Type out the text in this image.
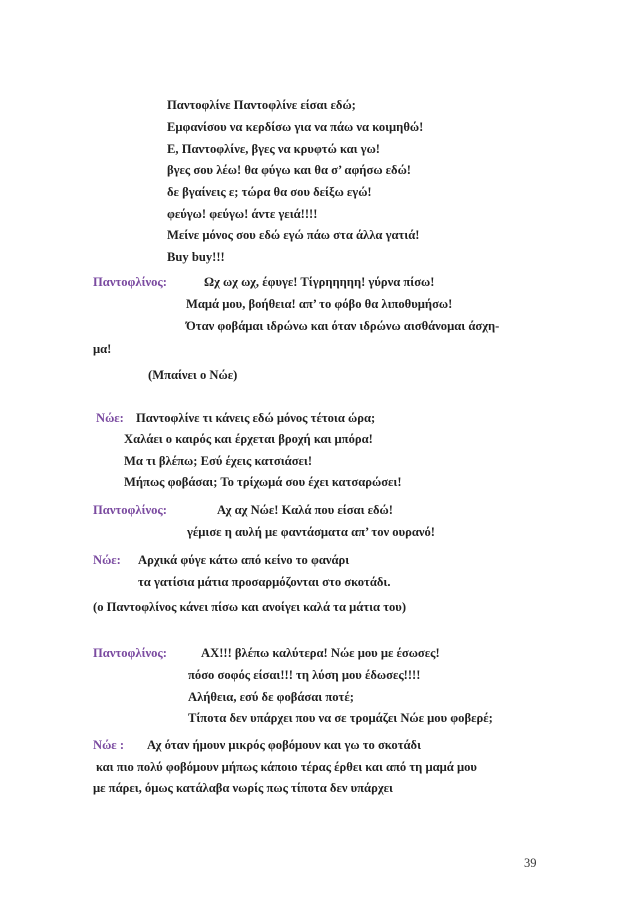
Παντοφλίνε Παντοφλίνε είσαι εδώ;
Εμφανίσου να κερδίσω για να πάω να κοιμηθώ!
Ε, Παντοφλίνε, βγες να κρυφτώ και γω!
βγες σου λέω! θα φύγω και θα σ’ αφήσω εδώ!
δε βγαίνεις ε; τώρα θα σου δείξω εγώ!
φεύγω! φεύγω! άντε γειά!!!!
Μείνε μόνος σου εδώ εγώ πάω στα άλλα γατιά!
Buy buy!!!
Παντοφλίνος:	Ωχ ωχ ωχ, έφυγε! Τίγρηηηηη! γύρνα πίσω!
Μαμά μου, βοήθεια! απ’ το φόβο θα λιποθυμήσω!
Όταν φοβάμαι ιδρώνω και όταν ιδρώνω αισθάνομαι άσχη-
μα!
(Μπαίνει ο Νώε)
Νώε: Παντοφλίνε τι κάνεις εδώ μόνος τέτοια ώρα;
Χαλάει ο καιρός και έρχεται βροχή και μπόρα!
Μα τι βλέπω; Εσύ έχεις κατσιάσει!
Μήπως φοβάσαι; Το τρίχωμά σου έχει κατσαρώσει!
Παντοφλίνος:	Αχ αχ Νώε! Καλά που είσαι εδώ!
γέμισε η αυλή με φαντάσματα απ’ τον ουρανό!
Νώε: Αρχικά φύγε κάτω από κείνο το φανάρι
τα γατίσια μάτια προσαρμόζονται στο σκοτάδι.
(ο Παντοφλίνος κάνει πίσω και ανοίγει καλά τα μάτια του)
Παντοφλίνος:	ΑΧ!!! βλέπω καλύτερα! Νώε μου με έσωσες!
πόσο σοφός είσαι!!! τη λύση μου έδωσες!!!!
Αλήθεια, εσύ δε φοβάσαι ποτέ;
Τίποτα δεν υπάρχει που να σε τρομάζει Νώε μου φοβερέ;
Νώε : Αχ όταν ήμουν μικρός φοβόμουν και γω το σκοτάδι
και πιο πολύ φοβόμουν μήπως κάποιο τέρας έρθει και από τη μαμά μου
με πάρει, όμως κατάλαβα νωρίς πως τίποτα δεν υπάρχει
39
